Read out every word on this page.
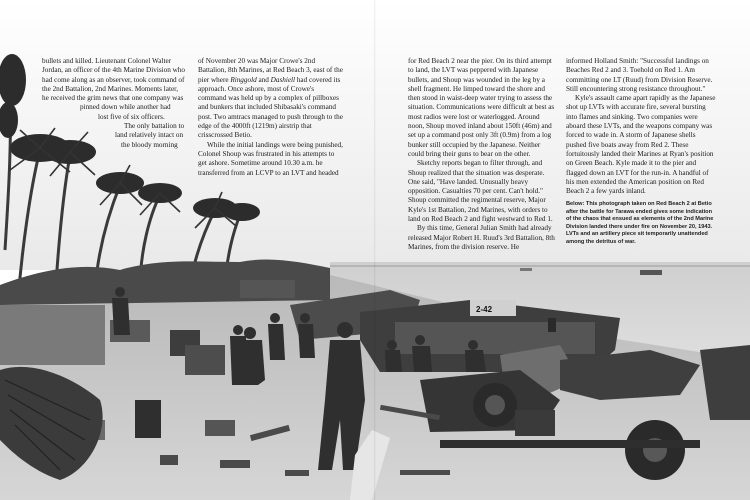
2-42
bullets and killed. Lieutenant Colonel Walter
Jordan, an officer of the 4th Marine Division who
had come along as an observer, took command of
the 2nd Battalion, 2nd Marines. Moments later,
he received the grim news that one company was
pinned down while another had
lost five of six officers.
The only battalion to
land relatively intact on
the bloody morning

of November 20 was Major Crowe's 2nd Battalion, 8th Marines, at Red Beach 3, east of the pier where Ringgold and Dashiell had covered its approach. Once ashore, most of Crowe's command was held up by a complex of pillboxes and bunkers that included Shibasaki's command post. Two amtracs managed to push through to the edge of the 4000ft (1219m) airstrip that crisscrossed Betio.

While the initial landings were being punished, Colonel Shoup was frustrated in his attempts to get ashore. Sometime around 10.30 a.m. he transferred from an LCVP to an LVT and headed

for Red Beach 2 near the pier. On its third attempt to land, the LVT was peppered with Japanese bullets, and Shoup was wounded in the leg by a shell fragment. He limped toward the shore and then stood in waist-deep water trying to assess the situation. Communications were difficult at best as most radios were lost or waterlogged. Around noon, Shoup moved inland about 150ft (46m) and set up a command post only 3ft (0.9m) from a log bunker still occupied by the Japanese. Neither could bring their guns to bear on the other.

Sketchy reports began to filter through, and Shoup realized that the situation was desperate. One said, "Have landed. Unusually heavy opposition. Casualties 70 per cent. Can't hold." Shoup committed the regimental reserve, Major Kyle's 1st Battalion, 2nd Marines, with orders to land on Red Beach 2 and fight westward to Red 1.

By this time, General Julian Smith had already released Major Robert H. Ruud's 3rd Battalion, 8th Marines, from the division reserve. He

informed Holland Smith: "Successful landings on Beaches Red 2 and 3. Toehold on Red 1. Am committing one LT (Ruud) from Division Reserve. Still encountering strong resistance throughout."

Kyle's assault came apart rapidly as the Japanese shot up LVTs with accurate fire, several bursting into flames and sinking. Two companies were aboard these LVTs, and the weapons company was forced to wade in. A storm of Japanese shells pushed five boats away from Red 2. These fortuitously landed their Marines at Ryan's position on Green Beach. Kyle made it to the pier and flagged down an LVT for the run-in. A handful of his men extended the American position on Red Beach 2 a few yards inland.

Below: This photograph taken on Red Beach 2 at Betio after the battle for Tarawa ended gives some indication of the chaos that ensued as elements of the 2nd Marine Division landed there under fire on November 20, 1943. LVTs and an artillery piece sit temporarily unattended among the detritus of war.
